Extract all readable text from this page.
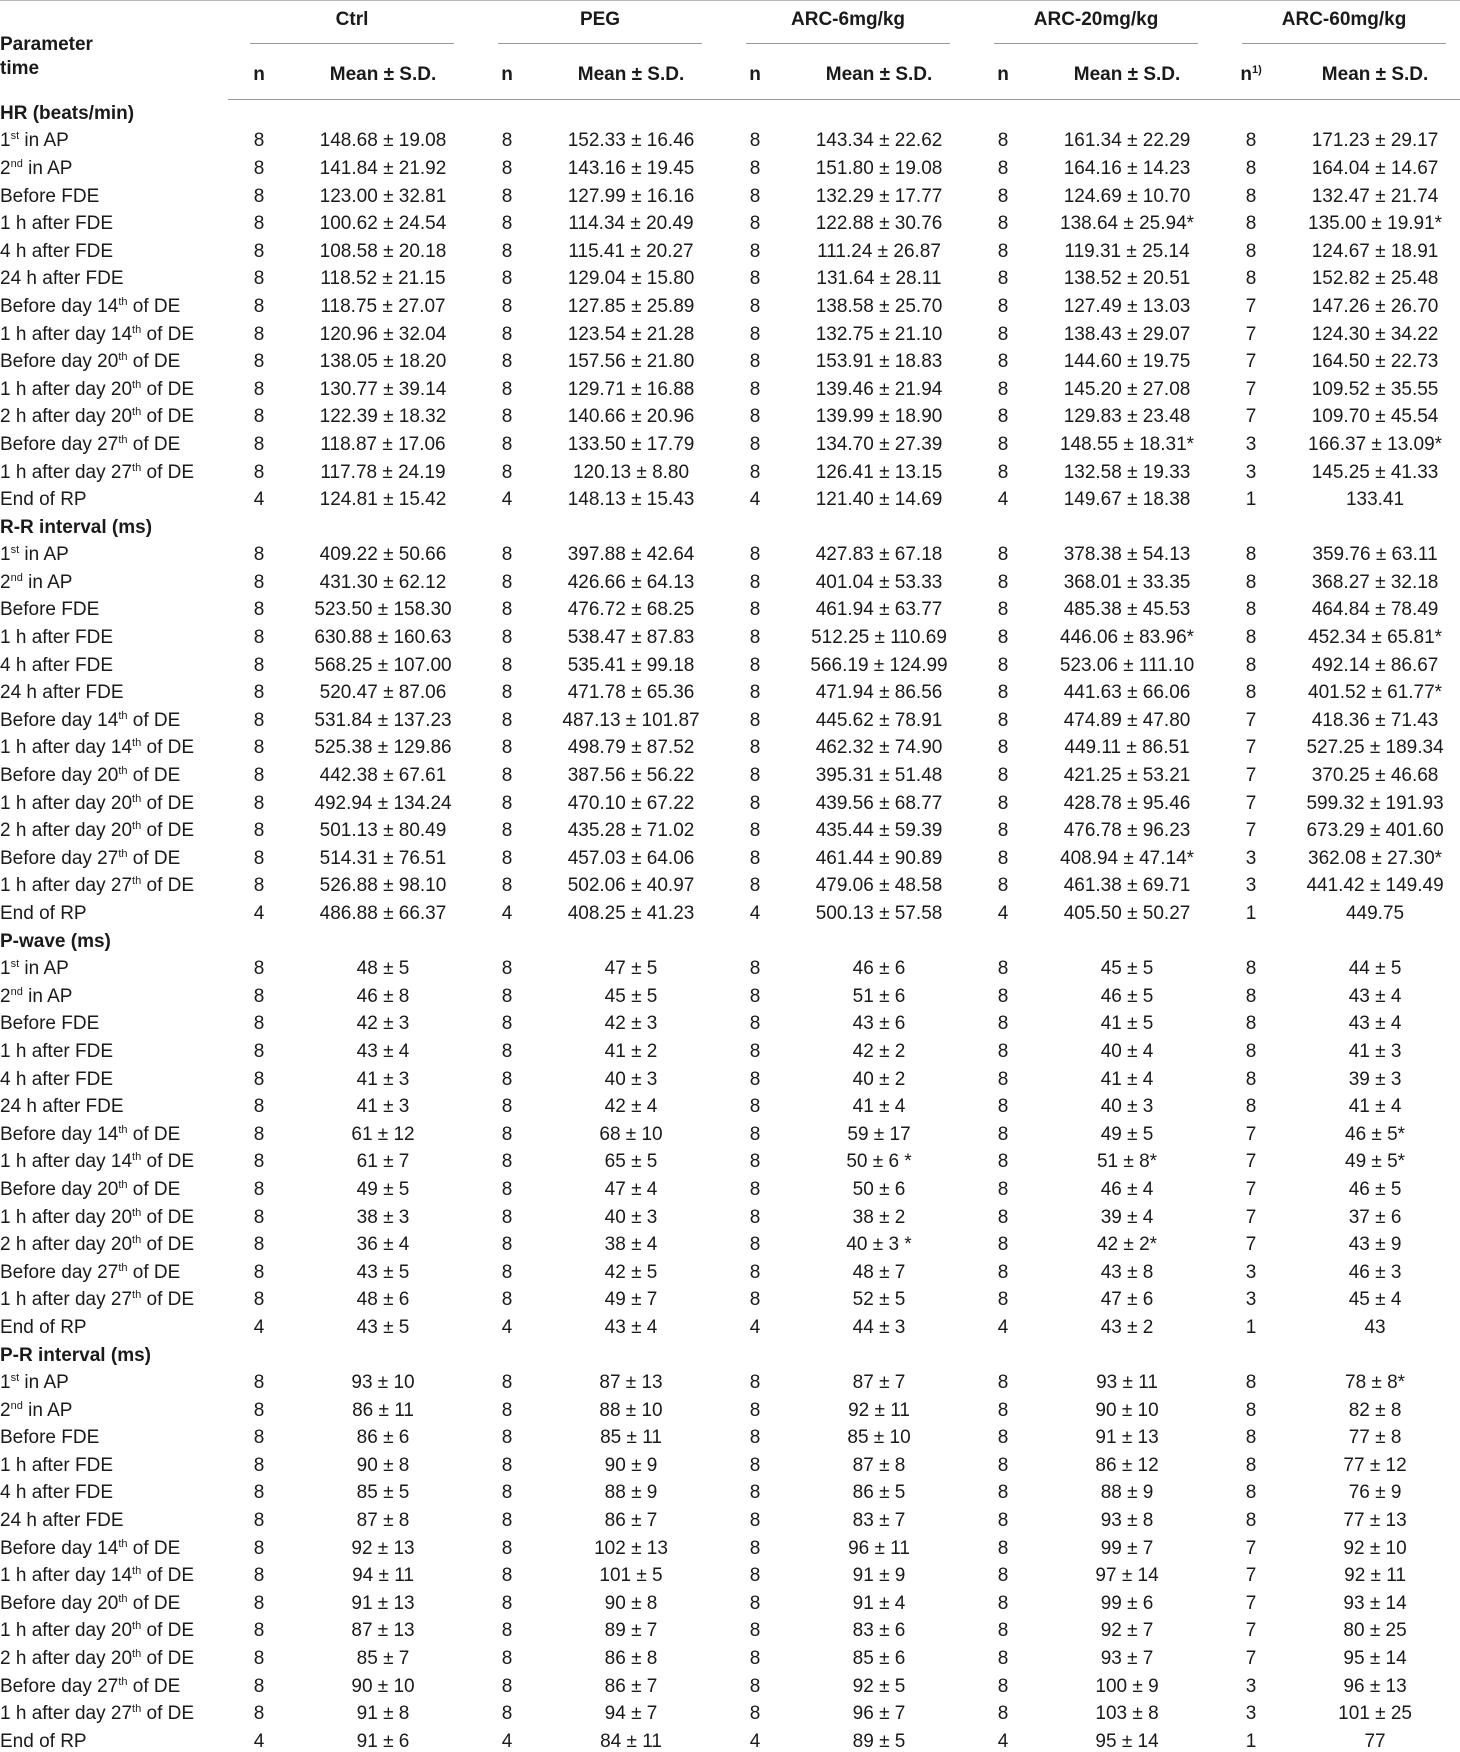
Parameter
time	Ctrl		PEG		ARC-6mg/kg		ARC-20mg/kg		ARC-60mg/kg	

	n	Mean ± S.D.	n	Mean ± S.D.	n	Mean ± S.D.	n	Mean ± S.D.	$n^{1)}$	Mean ± S.D.
HR (beats/min)										
1st in AP	8	148.68 ± 19.08	8	152.33 ± 16.46	8	143.34 ± 22.62	8	161.34 ± 22.29	8	171.23 ± 29.17
2nd in AP	8	141.84 ± 21.92	8	143.16 ± 19.45	8	151.80 ± 19.08	8	164.16 ± 14.23	8	164.04 ± 14.67
Before FDE	8	123.00 ± 32.81	8	127.99 ± 16.16	8	132.29 ± 17.77	8	124.69 ± 10.70	8	132.47 ± 21.74
1 h after FDE	8	100.62 ± 24.54	8	114.34 ± 20.49	8	122.88 ± 30.76	8	138.64 ± 25.94*	8	135.00 ± 19.91*
4 h after FDE	8	108.58 ± 20.18	8	115.41 ± 20.27	8	111.24 ± 26.87	8	119.31 ± 25.14	8	124.67 ± 18.91
24 h after FDE	8	118.52 ± 21.15	8	129.04 ± 15.80	8	131.64 ± 28.11	8	138.52 ± 20.51	8	152.82 ± 25.48
Before day 14th of DE	8	118.75 ± 27.07	8	127.85 ± 25.89	8	138.58 ± 25.70	8	127.49 ± 13.03	7	147.26 ± 26.70
1 h after day 14th of DE	8	120.96 ± 32.04	8	123.54 ± 21.28	8	132.75 ± 21.10	8	138.43 ± 29.07	7	124.30 ± 34.22
Before day 20th of DE	8	138.05 ± 18.20	8	157.56 ± 21.80	8	153.91 ± 18.83	8	144.60 ± 19.75	7	164.50 ± 22.73
1 h after day 20th of DE	8	130.77 ± 39.14	8	129.71 ± 16.88	8	139.46 ± 21.94	8	145.20 ± 27.08	7	109.52 ± 35.55
2 h after day 20th of DE	8	122.39 ± 18.32	8	140.66 ± 20.96	8	139.99 ± 18.90	8	129.83 ± 23.48	7	109.70 ± 45.54
Before day 27th of DE	8	118.87 ± 17.06	8	133.50 ± 17.79	8	134.70 ± 27.39	8	148.55 ± 18.31*	3	166.37 ± 13.09*
1 h after day 27th of DE	8	117.78 ± 24.19	8	120.13 ± 8.80	8	126.41 ± 13.15	8	132.58 ± 19.33	3	145.25 ± 41.33
End of RP	4	124.81 ± 15.42	4	148.13 ± 15.43	4	121.40 ± 14.69	4	149.67 ± 18.38	1	133.41
R-R interval (ms)										
1st in AP	8	409.22 ± 50.66	8	397.88 ± 42.64	8	427.83 ± 67.18	8	378.38 ± 54.13	8	359.76 ± 63.11
2nd in AP	8	431.30 ± 62.12	8	426.66 ± 64.13	8	401.04 ± 53.33	8	368.01 ± 33.35	8	368.27 ± 32.18
Before FDE	8	523.50 ± 158.30	8	476.72 ± 68.25	8	461.94 ± 63.77	8	485.38 ± 45.53	8	464.84 ± 78.49
1 h after FDE	8	630.88 ± 160.63	8	538.47 ± 87.83	8	512.25 ± 110.69	8	446.06 ± 83.96*	8	452.34 ± 65.81*
4 h after FDE	8	568.25 ± 107.00	8	535.41 ± 99.18	8	566.19 ± 124.99	8	523.06 ± 111.10	8	492.14 ± 86.67
24 h after FDE	8	520.47 ± 87.06	8	471.78 ± 65.36	8	471.94 ± 86.56	8	441.63 ± 66.06	8	401.52 ± 61.77*
Before day 14th of DE	8	531.84 ± 137.23	8	487.13 ± 101.87	8	445.62 ± 78.91	8	474.89 ± 47.80	7	418.36 ± 71.43
1 h after day 14th of DE	8	525.38 ± 129.86	8	498.79 ± 87.52	8	462.32 ± 74.90	8	449.11 ± 86.51	7	527.25 ± 189.34
Before day 20th of DE	8	442.38 ± 67.61	8	387.56 ± 56.22	8	395.31 ± 51.48	8	421.25 ± 53.21	7	370.25 ± 46.68
1 h after day 20th of DE	8	492.94 ± 134.24	8	470.10 ± 67.22	8	439.56 ± 68.77	8	428.78 ± 95.46	7	599.32 ± 191.93
2 h after day 20th of DE	8	501.13 ± 80.49	8	435.28 ± 71.02	8	435.44 ± 59.39	8	476.78 ± 96.23	7	673.29 ± 401.60
Before day 27th of DE	8	514.31 ± 76.51	8	457.03 ± 64.06	8	461.44 ± 90.89	8	408.94 ± 47.14*	3	362.08 ± 27.30*
1 h after day 27th of DE	8	526.88 ± 98.10	8	502.06 ± 40.97	8	479.06 ± 48.58	8	461.38 ± 69.71	3	441.42 ± 149.49
End of RP	4	486.88 ± 66.37	4	408.25 ± 41.23	4	500.13 ± 57.58	4	405.50 ± 50.27	1	449.75
P-wave (ms)										
1st in AP	8	48 ± 5	8	47 ± 5	8	46 ± 6	8	45 ± 5	8	44 ± 5
2nd in AP	8	46 ± 8	8	45 ± 5	8	51 ± 6	8	46 ± 5	8	43 ± 4
Before FDE	8	42 ± 3	8	42 ± 3	8	43 ± 6	8	41 ± 5	8	43 ± 4
1 h after FDE	8	43 ± 4	8	41 ± 2	8	42 ± 2	8	40 ± 4	8	41 ± 3
4 h after FDE	8	41 ± 3	8	40 ± 3	8	40 ± 2	8	41 ± 4	8	39 ± 3
24 h after FDE	8	41 ± 3	8	42 ± 4	8	41 ± 4	8	40 ± 3	8	41 ± 4
Before day 14th of DE	8	61 ± 12	8	68 ± 10	8	59 ± 17	8	49 ± 5	7	46 ± 5*
1 h after day 14th of DE	8	61 ± 7	8	65 ± 5	8	50 ± 6 *	8	51 ± 8*	7	49 ± 5*
Before day 20th of DE	8	49 ± 5	8	47 ± 4	8	50 ± 6	8	46 ± 4	7	46 ± 5
1 h after day 20th of DE	8	38 ± 3	8	40 ± 3	8	38 ± 2	8	39 ± 4	7	37 ± 6
2 h after day 20th of DE	8	36 ± 4	8	38 ± 4	8	40 ± 3 *	8	42 ± 2*	7	43 ± 9
Before day 27th of DE	8	43 ± 5	8	42 ± 5	8	48 ± 7	8	43 ± 8	3	46 ± 3
1 h after day 27th of DE	8	48 ± 6	8	49 ± 7	8	52 ± 5	8	47 ± 6	3	45 ± 4
End of RP	4	43 ± 5	4	43 ± 4	4	44 ± 3	4	43 ± 2	1	43
P-R interval (ms)										
1st in AP	8	93 ± 10	8	87 ± 13	8	87 ± 7	8	93 ± 11	8	78 ± 8*
2nd in AP	8	86 ± 11	8	88 ± 10	8	92 ± 11	8	90 ± 10	8	82 ± 8
Before FDE	8	86 ± 6	8	85 ± 11	8	85 ± 10	8	91 ± 13	8	77 ± 8
1 h after FDE	8	90 ± 8	8	90 ± 9	8	87 ± 8	8	86 ± 12	8	77 ± 12
4 h after FDE	8	85 ± 5	8	88 ± 9	8	86 ± 5	8	88 ± 9	8	76 ± 9
24 h after FDE	8	87 ± 8	8	86 ± 7	8	83 ± 7	8	93 ± 8	8	77 ± 13
Before day 14th of DE	8	92 ± 13	8	102 ± 13	8	96 ± 11	8	99 ± 7	7	92 ± 10
1 h after day 14th of DE	8	94 ± 11	8	101 ± 5	8	91 ± 9	8	97 ± 14	7	92 ± 11
Before day 20th of DE	8	91 ± 13	8	90 ± 8	8	91 ± 4	8	99 ± 6	7	93 ± 14
1 h after day 20th of DE	8	87 ± 13	8	89 ± 7	8	83 ± 6	8	92 ± 7	7	80 ± 25
2 h after day 20th of DE	8	85 ± 7	8	86 ± 8	8	85 ± 6	8	93 ± 7	7	95 ± 14
Before day 27th of DE	8	90 ± 10	8	86 ± 7	8	92 ± 5	8	100 ± 9	3	96 ± 13
1 h after day 27th of DE	8	91 ± 8	8	94 ± 7	8	96 ± 7	8	103 ± 8	3	101 ± 25
End of RP	4	91 ± 6	4	84 ± 11	4	89 ± 5	4	95 ± 14	1	77
